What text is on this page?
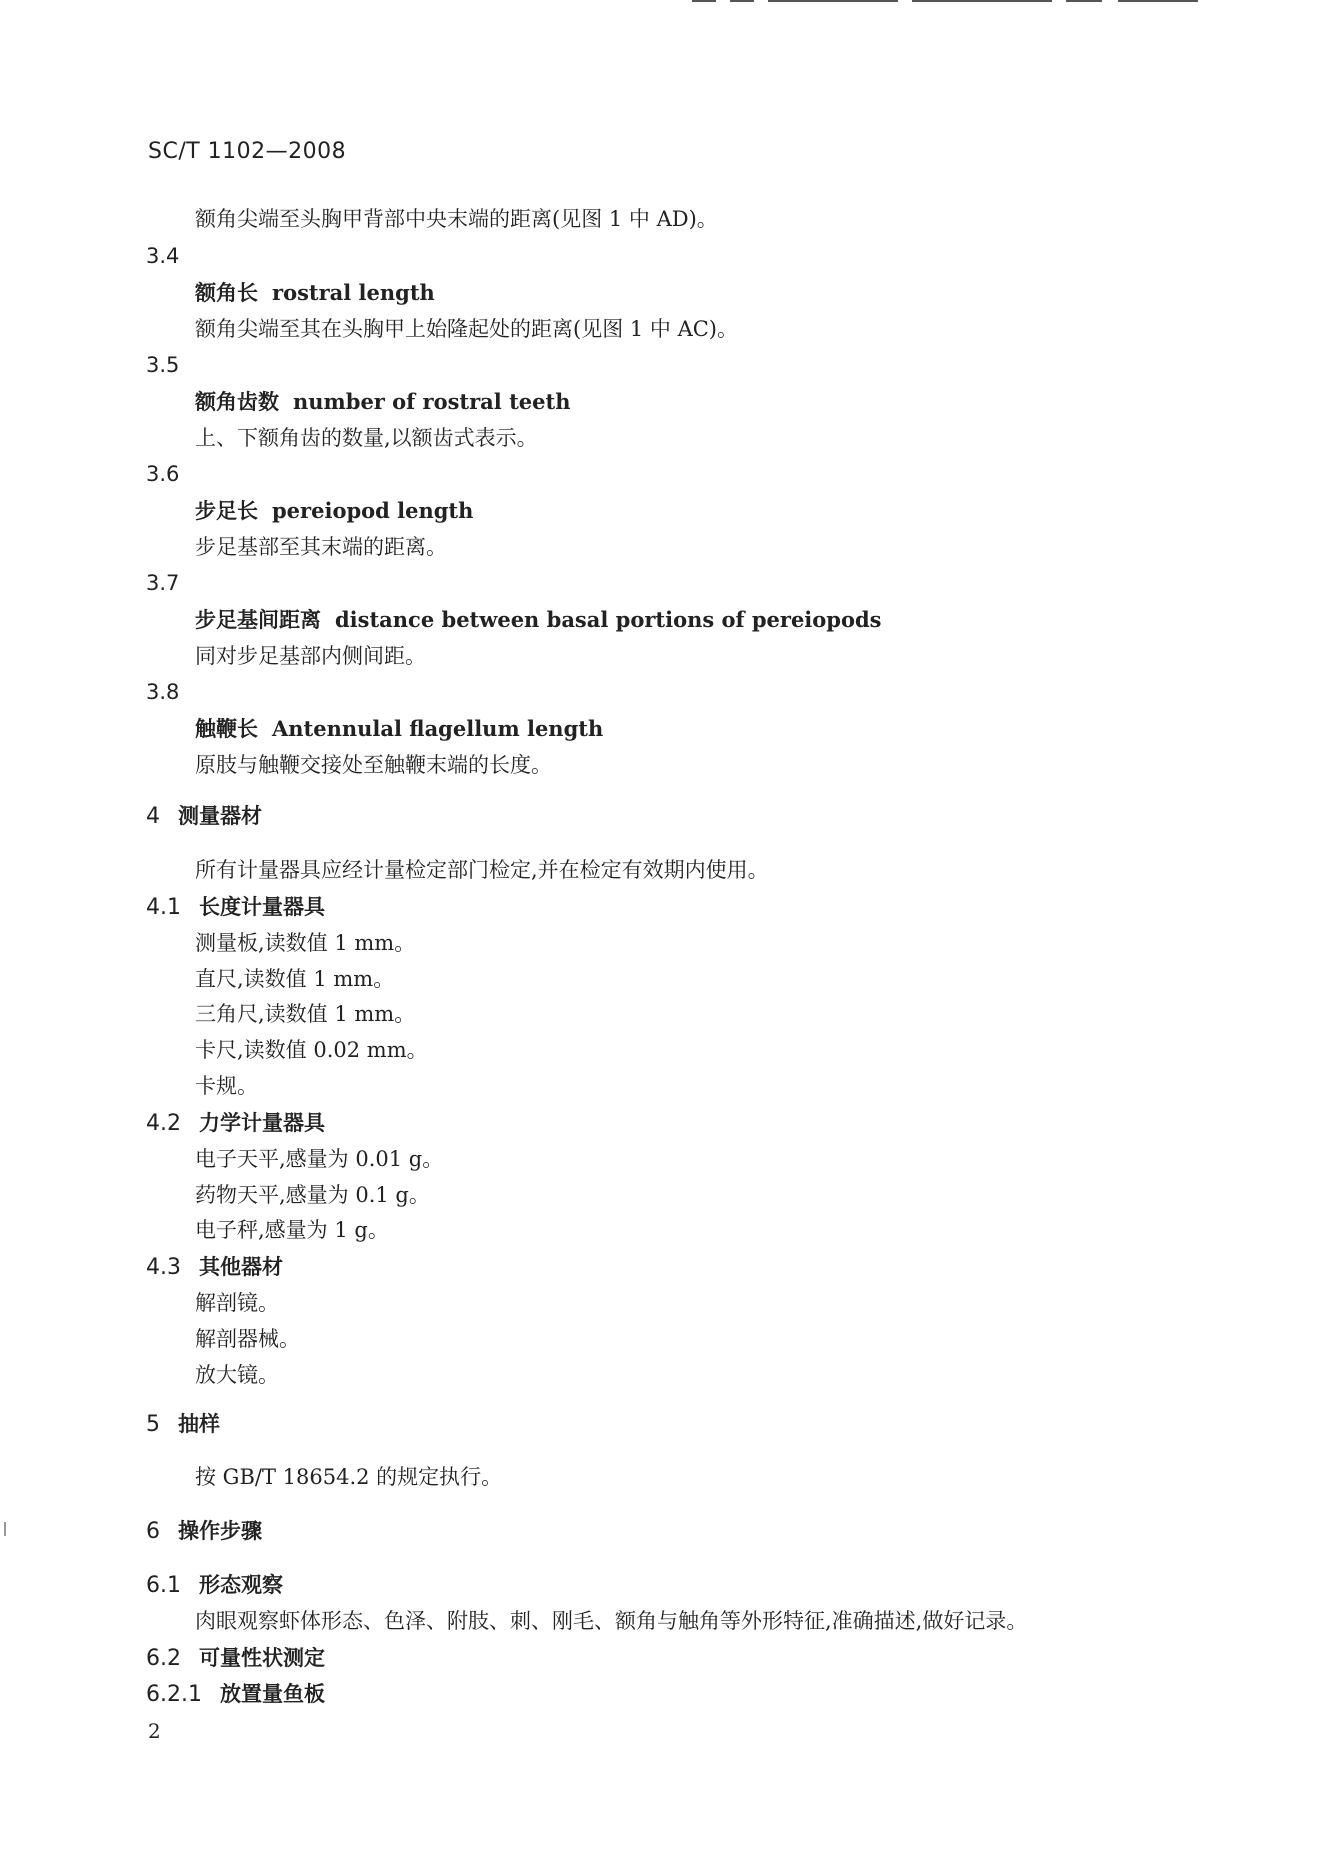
SC/T 1102—2008
额角尖端至头胸甲背部中央末端的距离(见图 1 中 AD)。
3.4
额角长 rostral length
额角尖端至其在头胸甲上始隆起处的距离(见图 1 中 AC)。
3.5
额角齿数 number of rostral teeth
上、下额角齿的数量,以额齿式表示。
3.6
步足长 pereiopod length
步足基部至其末端的距离。
3.7
步足基间距离 distance between basal portions of pereiopods
同对步足基部内侧间距。
3.8
触鞭长 Antennulal flagellum length
原肢与触鞭交接处至触鞭末端的长度。
4 测量器材
所有计量器具应经计量检定部门检定,并在检定有效期内使用。
4.1 长度计量器具
测量板,读数值 1 mm。
直尺,读数值 1 mm。
三角尺,读数值 1 mm。
卡尺,读数值 0.02 mm。
卡规。
4.2 力学计量器具
电子天平,感量为 0.01 g。
药物天平,感量为 0.1 g。
电子秤,感量为 1 g。
4.3 其他器材
解剖镜。
解剖器械。
放大镜。
5 抽样
按 GB/T 18654.2 的规定执行。
6 操作步骤
6.1 形态观察
肉眼观察虾体形态、色泽、附肢、刺、刚毛、额角与触角等外形特征,准确描述,做好记录。
6.2 可量性状测定
6.2.1 放置量鱼板
2
